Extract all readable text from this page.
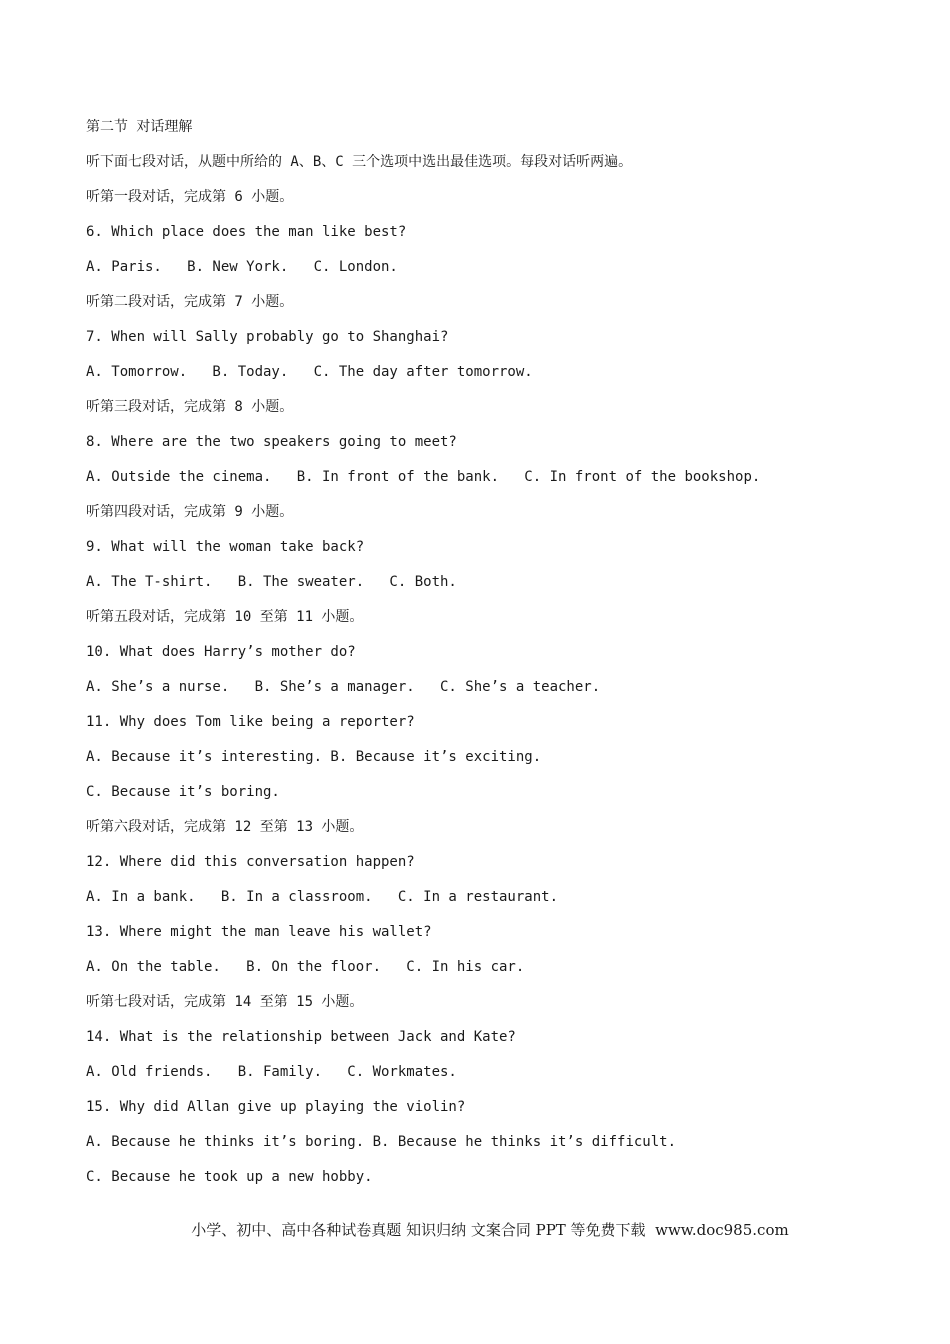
第二节 对话理解
听下面七段对话，从题中所给的 A、B、C 三个选项中选出最佳选项。每段对话听两遍。
听第一段对话，完成第 6 小题。
6. Which place does the man like best?
A. Paris.   B. New York.   C. London.
听第二段对话，完成第 7 小题。
7. When will Sally probably go to Shanghai?
A. Tomorrow.   B. Today.   C. The day after tomorrow.
听第三段对话，完成第 8 小题。
8. Where are the two speakers going to meet?
A. Outside the cinema.   B. In front of the bank.   C. In front of the bookshop.
听第四段对话，完成第 9 小题。
9. What will the woman take back?
A. The T-shirt.   B. The sweater.   C. Both.
听第五段对话，完成第 10 至第 11 小题。
10. What does Harry’s mother do?
A. She’s a nurse.   B. She’s a manager.   C. She’s a teacher.
11. Why does Tom like being a reporter?
A. Because it’s interesting. B. Because it’s exciting.
C. Because it’s boring.
听第六段对话，完成第 12 至第 13 小题。
12. Where did this conversation happen?
A. In a bank.   B. In a classroom.   C. In a restaurant.
13. Where might the man leave his wallet?
A. On the table.   B. On the floor.   C. In his car.
听第七段对话，完成第 14 至第 15 小题。
14. What is the relationship between Jack and Kate?
A. Old friends.   B. Family.   C. Workmates.
15. Why did Allan give up playing the violin?
A. Because he thinks it’s boring. B. Because he thinks it’s difficult.
C. Because he took up a new hobby.
小学、初中、高中各种试卷真题 知识归纳 文案合同 PPT 等免费下载  www.doc985.com
